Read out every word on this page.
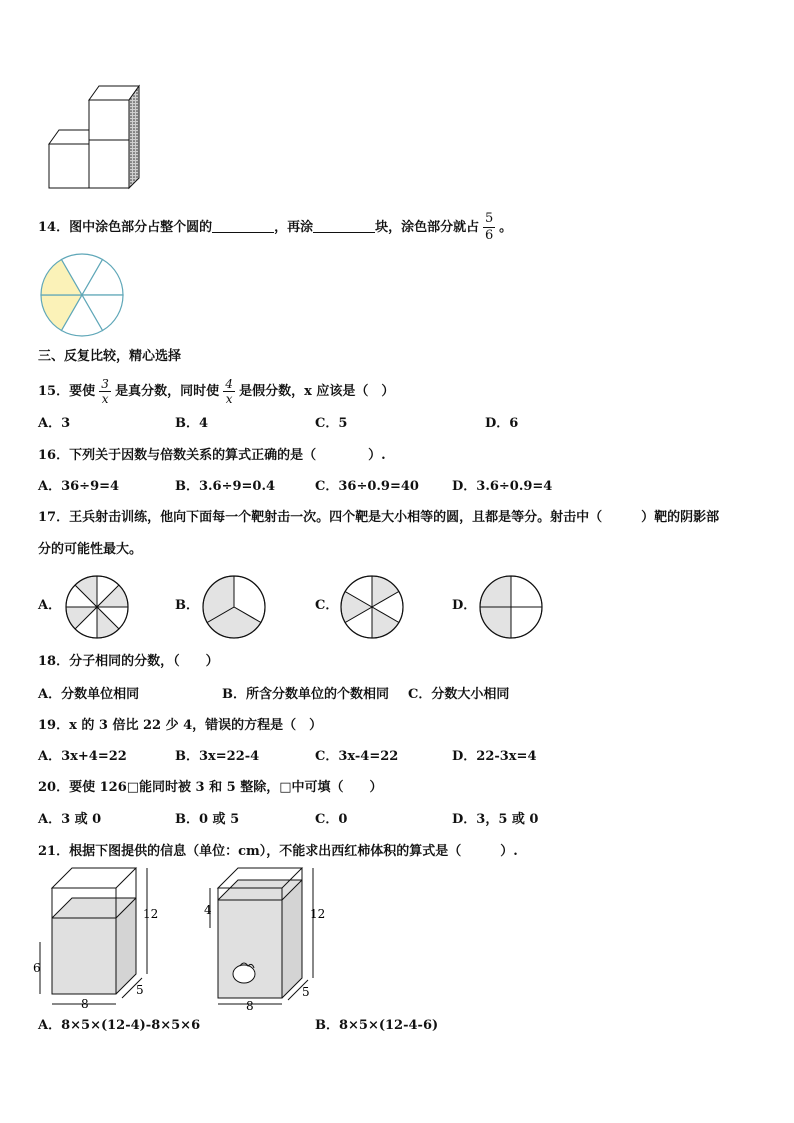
14．图中涂色部分占整个圆的	，再涂	块，涂色部分就占 $\frac{5}{6}$ 。
三、反复比较，精心选择
15．要使 $\frac{3}{x}$ 是真分数，同时使 $\frac{4}{x}$ 是假分数，x 应该是（　）
A．3	B．4	C．5	D．6
16．下列关于因数与倍数关系的算式正确的是（　　　　）.
A．36÷9=4	B．3.6÷9=0.4	C．36÷0.9=40	D．3.6÷0.9=4
17．王兵射击训练，他向下面每一个靶射击一次。四个靶是大小相等的圆，且都是等分。射击中（　　　）靶的阴影部
分的可能性最大。
A．	B．	C．	D．
18．分子相同的分数，（　　）
A．分数单位相同	B．所含分数单位的个数相同 C．分数大小相同
19．x 的 3 倍比 22 少 4，错误的方程是（　）
A．3x+4=22	B．3x=22-4	C．3x-4=22	D．22-3x=4
20．要使 126□能同时被 3 和 5 整除，□中可填（　　）
A．3 或 0	B．0 或 5	C．0	D．3，5 或 0
21．根据下图提供的信息（单位：cm），不能求出西红柿体积的算式是（　　　）.
12
6
8
5
12
4
8
5
A．8×5×(12-4)-8×5×6	B．8×5×(12-4-6)
